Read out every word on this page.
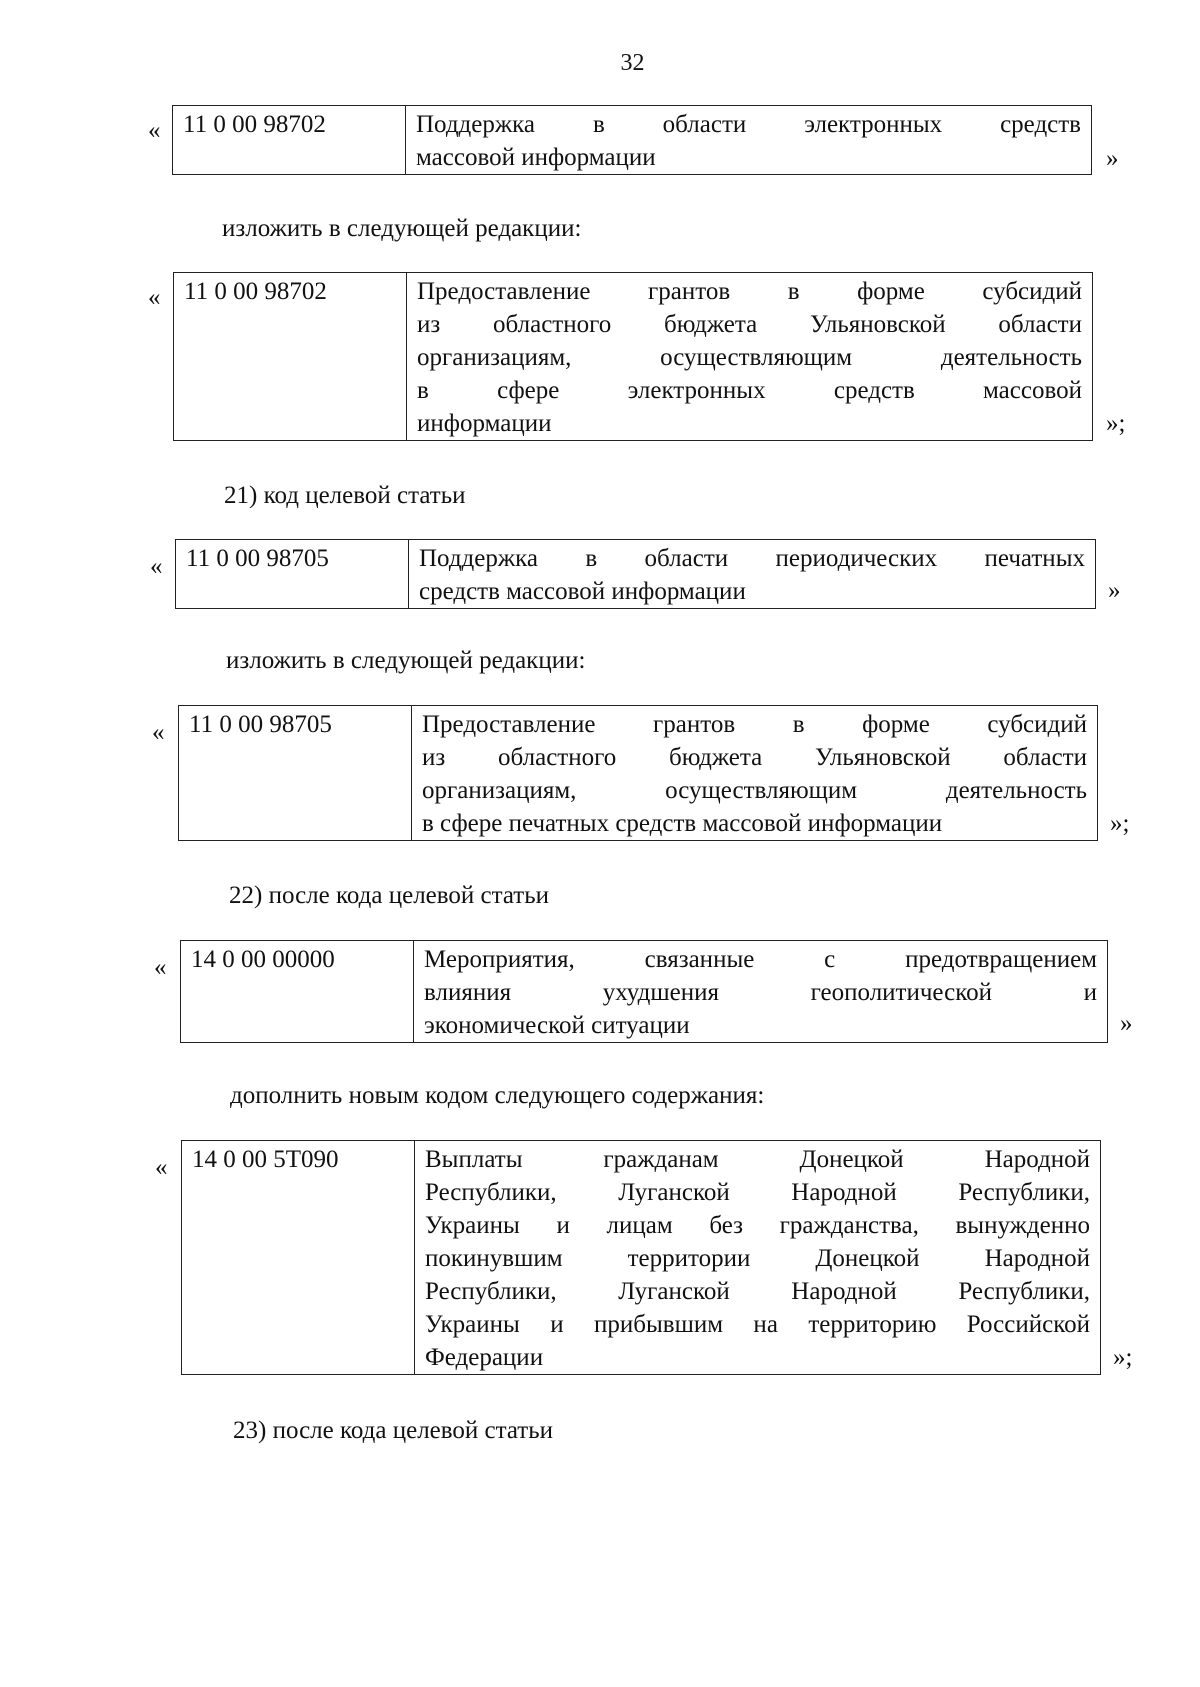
32
« 11 0 00 98702	Поддержка в области электронных средств
массовой информации	»
изложить в следующей редакции:
« 11 0 00 98702	Предоставление грантов в форме субсидий
из областного бюджета Ульяновской области
организациям, осуществляющим деятельность
в сфере электронных средств массовой
информации	»;
21) код целевой статьи
« 11 0 00 98705	Поддержка в области периодических печатных
средств массовой информации	»
изложить в следующей редакции:
« 11 0 00 98705	Предоставление грантов в форме субсидий
из областного бюджета Ульяновской области
организациям, осуществляющим деятельность
в сфере печатных средств массовой информации	»;
22) после кода целевой статьи
« 14 0 00 00000	Мероприятия, связанные с предотвращением
влияния ухудшения геополитической и
экономической ситуации	»
дополнить новым кодом следующего содержания:
« 14 0 00 5Т090	Выплаты гражданам Донецкой Народной
Республики, Луганской Народной Республики,
Украины и лицам без гражданства, вынужденно
покинувшим территории Донецкой Народной
Республики, Луганской Народной Республики,
Украины и прибывшим на территорию Российской
Федерации	»;
23) после кода целевой статьи
